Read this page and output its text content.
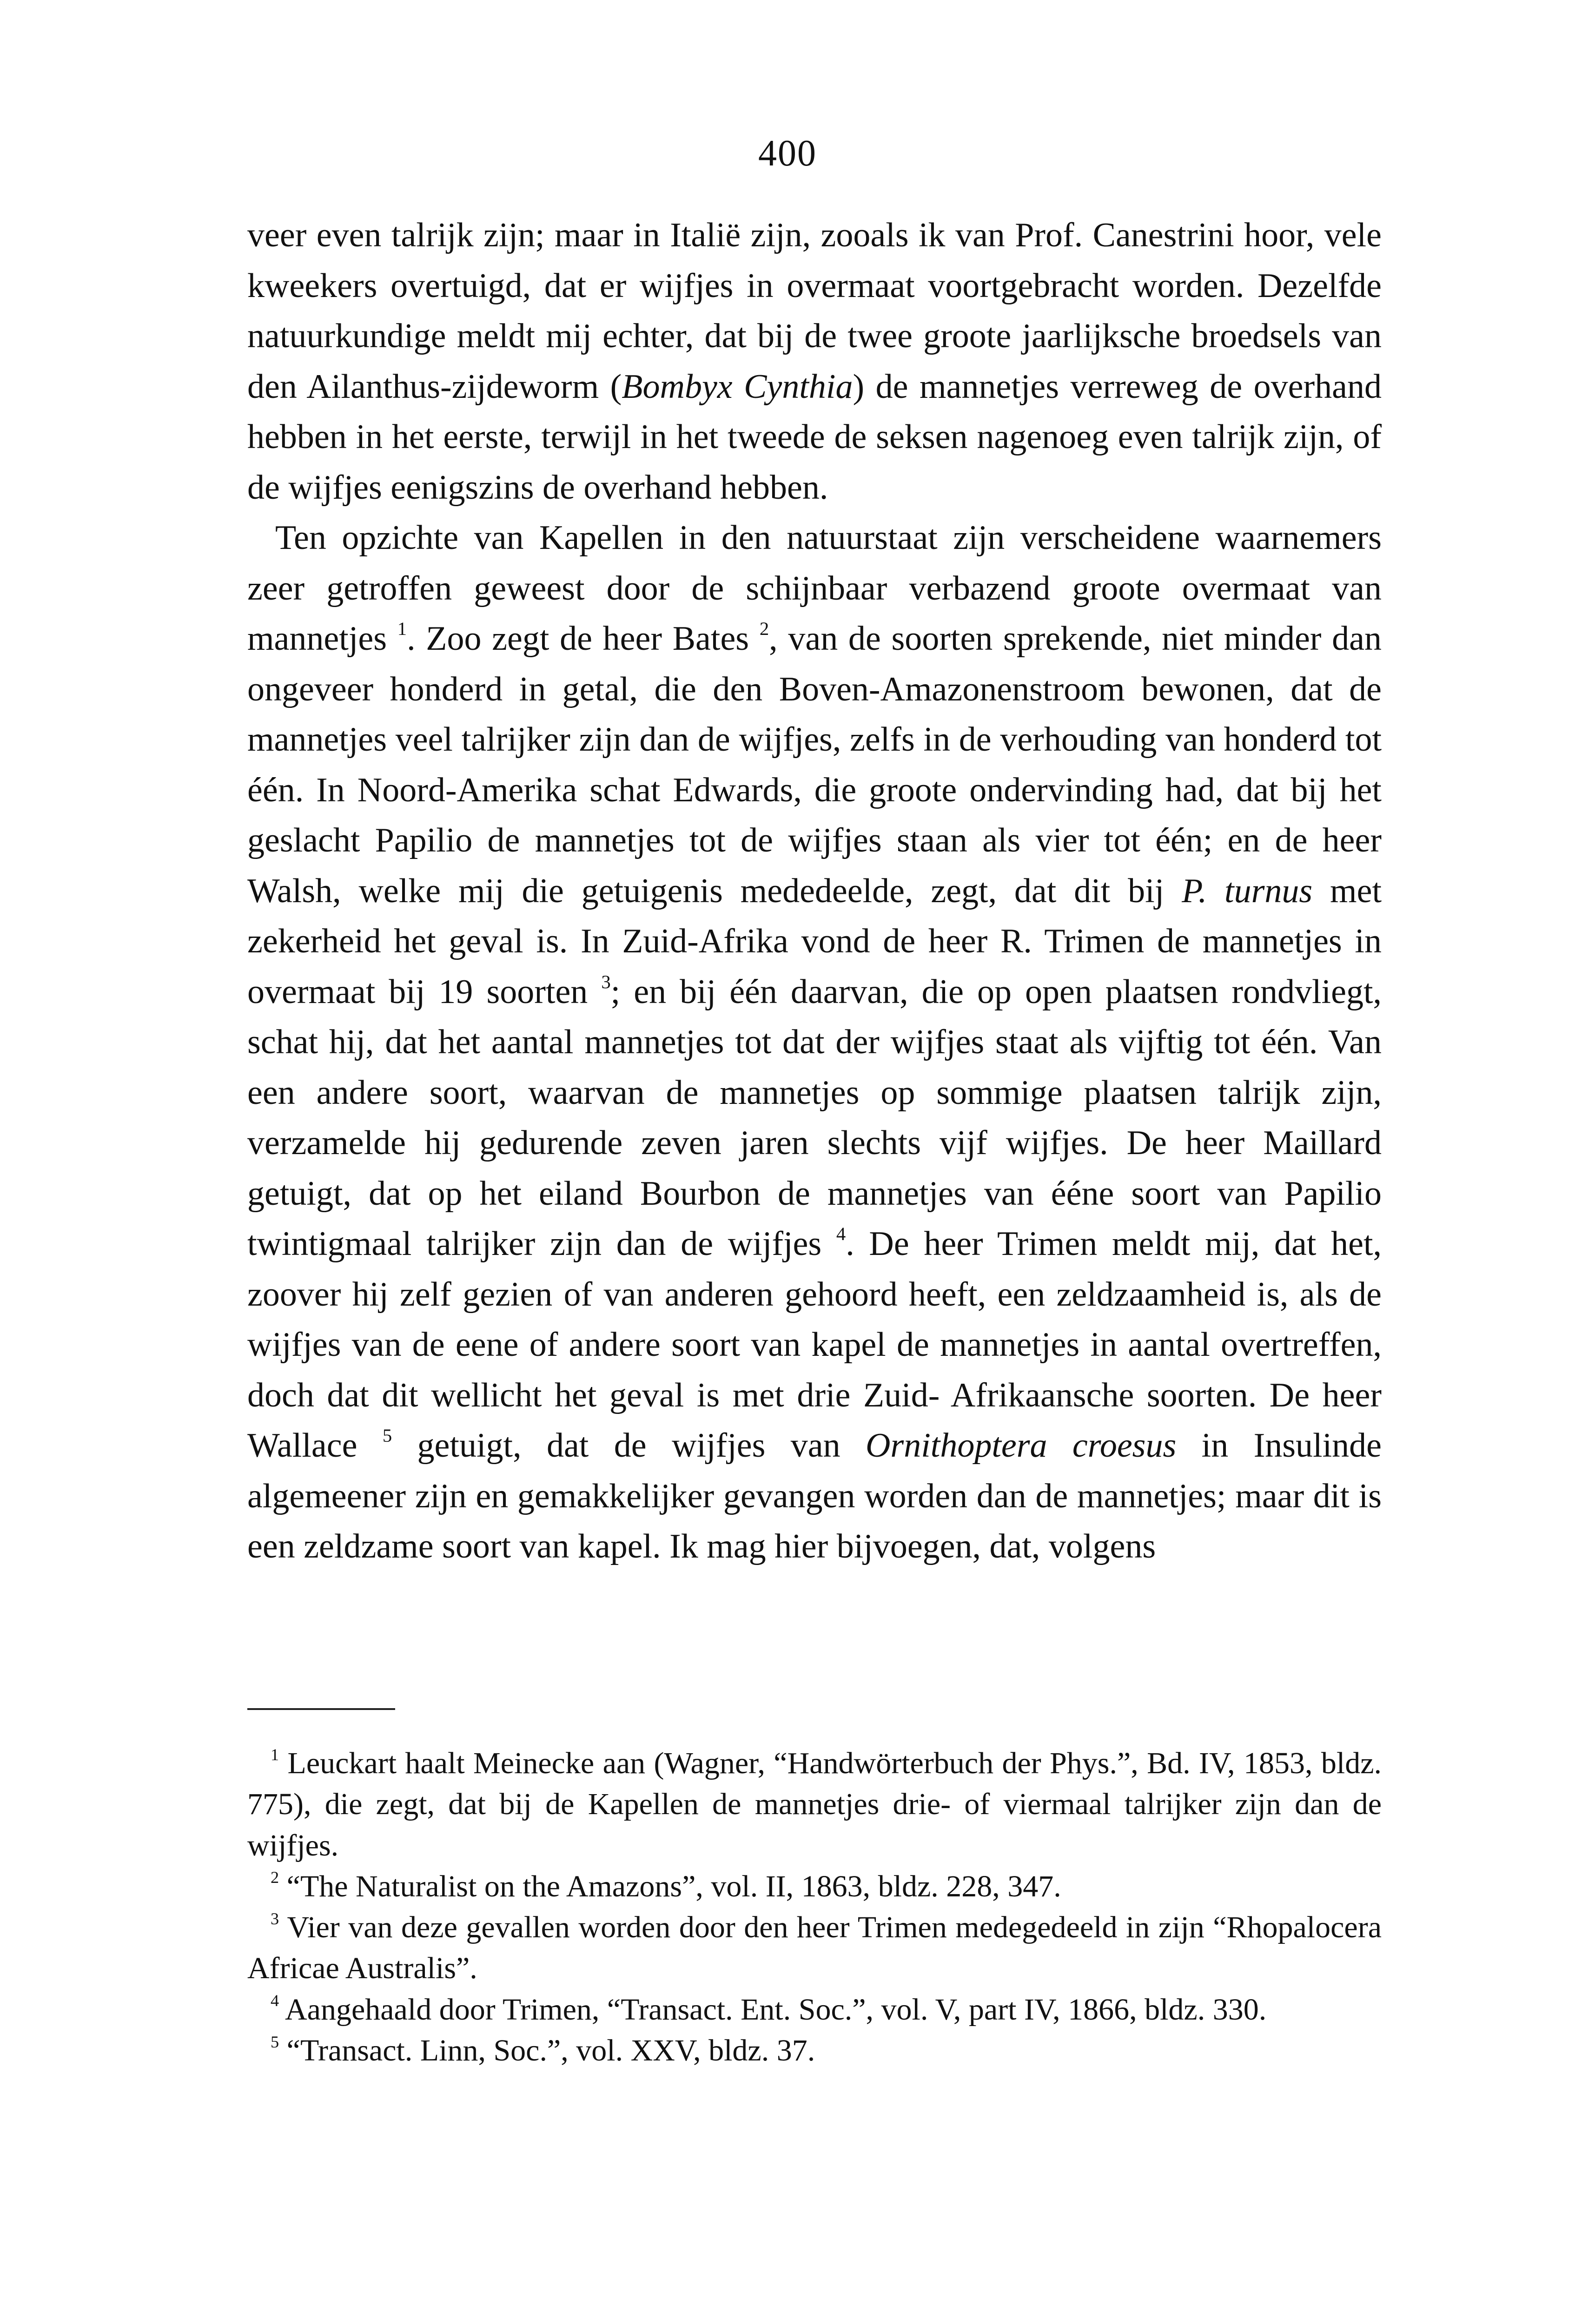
400

veer even talrijk zijn; maar in Italië zijn, zooals ik van Prof. Canestrini hoor, vele kweekers overtuigd, dat er wijfjes in overmaat voortgebracht worden. Dezelfde natuurkundige meldt mij echter, dat bij de twee groote jaarlijksche broedsels van den Ailanthus-zijdeworm (Bombyx Cynthia) de mannetjes verreweg de overhand hebben in het eerste, terwijl in het tweede de seksen nagenoeg even talrijk zijn, of de wijfjes eenigszins de overhand hebben.

Ten opzichte van Kapellen in den natuurstaat zijn verscheidene waarnemers zeer getroffen geweest door de schijnbaar verbazend groote overmaat van mannetjes $^1$. Zoo zegt de heer Bates $^2$, van de soorten sprekende, niet minder dan ongeveer honderd in getal, die den Boven-Amazonenstroom bewonen, dat de mannetjes veel talrijker zijn dan de wijfjes, zelfs in de verhouding van honderd tot één. In Noord-Amerika schat Edwards, die groote ondervinding had, dat bij het geslacht Papilio de mannetjes tot de wijfjes staan als vier tot één; en de heer Walsh, welke mij die getuigenis mededeelde, zegt, dat dit bij P. turnus met zekerheid het geval is. In Zuid-Afrika vond de heer R. Trimen de mannetjes in overmaat bij 19 soorten $^3$; en bij één daarvan, die op open plaatsen rondvliegt, schat hij, dat het aantal mannetjes tot dat der wijfjes staat als vijftig tot één. Van een andere soort, waarvan de mannetjes op sommige plaatsen talrijk zijn, verzamelde hij gedurende zeven jaren slechts vijf wijfjes. De heer Maillard getuigt, dat op het eiland Bourbon de mannetjes van ééne soort van Papilio twintigmaal talrijker zijn dan de wijfjes $^4$. De heer Trimen meldt mij, dat het, zoover hij zelf gezien of van anderen gehoord heeft, een zeldzaamheid is, als de wijfjes van de eene of andere soort van kapel de mannetjes in aantal overtreffen, doch dat dit wellicht het geval is met drie Zuid- Afrikaansche soorten. De heer Wallace $^5$ getuigt, dat de wijfjes van Ornithoptera croesus in Insulinde algemeener zijn en gemakkelijker gevangen worden dan de mannetjes; maar dit is een zeldzame soort van kapel. Ik mag hier bijvoegen, dat, volgens

$^1$ Leuckart haalt Meinecke aan (Wagner, “Handwörterbuch der Phys.”, Bd. IV, 1853, bldz. 775), die zegt, dat bij de Kapellen de mannetjes drie- of viermaal talrijker zijn dan de wijfjes.

$^2$ “The Naturalist on the Amazons”, vol. II, 1863, bldz. 228, 347.

$^3$ Vier van deze gevallen worden door den heer Trimen medegedeeld in zijn “Rhopalocera Africae Australis”.

$^4$ Aangehaald door Trimen, “Transact. Ent. Soc.”, vol. V, part IV, 1866, bldz. 330.

$^5$ “Transact. Linn, Soc.”, vol. XXV, bldz. 37.
